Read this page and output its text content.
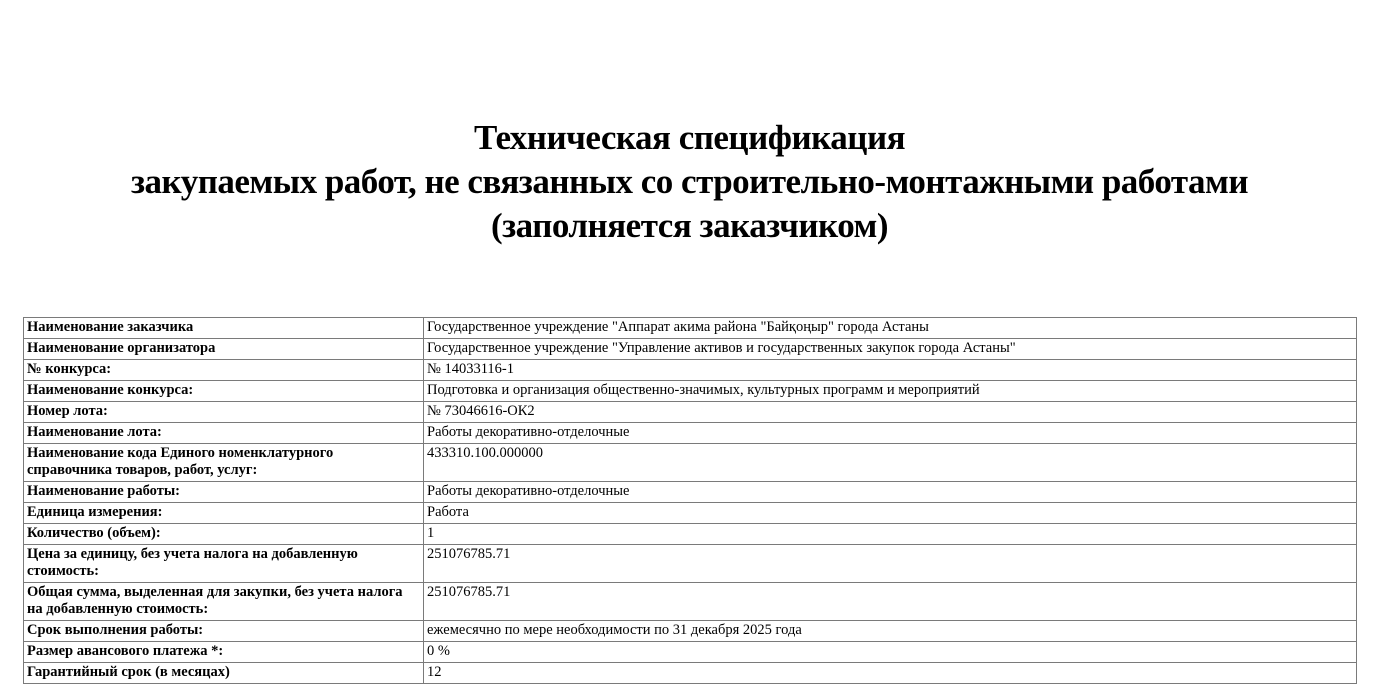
Техническая спецификация
закупаемых работ, не связанных со строительно-монтажными работами
(заполняется заказчиком)
Наименование заказчика	Государственное учреждение "Аппарат акима района "Байқоңыр" города Астаны
Наименование организатора	Государственное учреждение "Управление активов и государственных закупок города Астаны"
№ конкурса:	№ 14033116-1
Наименование конкурса:	Подготовка и организация общественно-значимых, культурных программ и мероприятий
Номер лота:	№ 73046616-ОК2
Наименование лота:	Работы декоративно-отделочные
Наименование кода Единого номенклатурного справочника товаров, работ, услуг:	433310.100.000000
Наименование работы:	Работы декоративно-отделочные
Единица измерения:	Работа
Количество (объем):	1
Цена за единицу, без учета налога на добавленную стоимость:	251076785.71
Общая сумма, выделенная для закупки, без учета налога на добавленную стоимость:	251076785.71
Срок выполнения работы:	ежемесячно по мере необходимости по 31 декабря 2025 года
Размер авансового платежа *:	0 %
Гарантийный срок (в месяцах)	12
